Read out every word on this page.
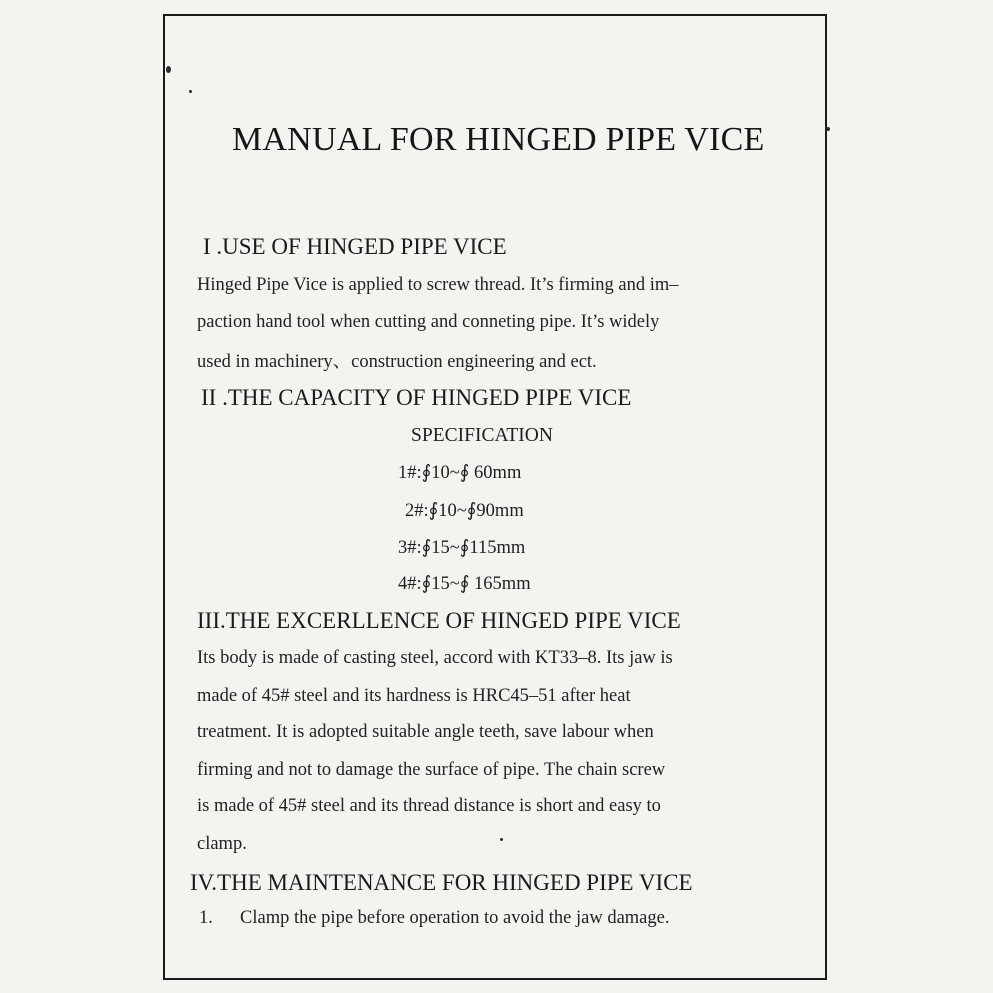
MANUAL FOR HINGED PIPE VICE
I .USE OF HINGED PIPE VICE
Hinged Pipe Vice is applied to screw thread. It’s firming and im–
paction hand tool when cutting and conneting pipe. It’s widely
used in machinery、construction engineering and ect.
II .THE CAPACITY OF HINGED PIPE VICE
SPECIFICATION
1#:∮10~∮ 60mm
2#:∮10~∮90mm
3#:∮15~∮115mm
4#:∮15~∮ 165mm
III.THE EXCERLLENCE OF HINGED PIPE VICE
Its body is made of casting steel, accord with KT33–8. Its jaw is
made of 45# steel and its hardness is HRC45–51 after heat
treatment. It is adopted suitable angle teeth, save labour when
firming and not to damage the surface of pipe. The chain screw
is made of 45# steel and its thread distance is short and easy to
clamp.
IV.THE MAINTENANCE FOR HINGED PIPE VICE
1. Clamp the pipe before operation to avoid the jaw damage.
